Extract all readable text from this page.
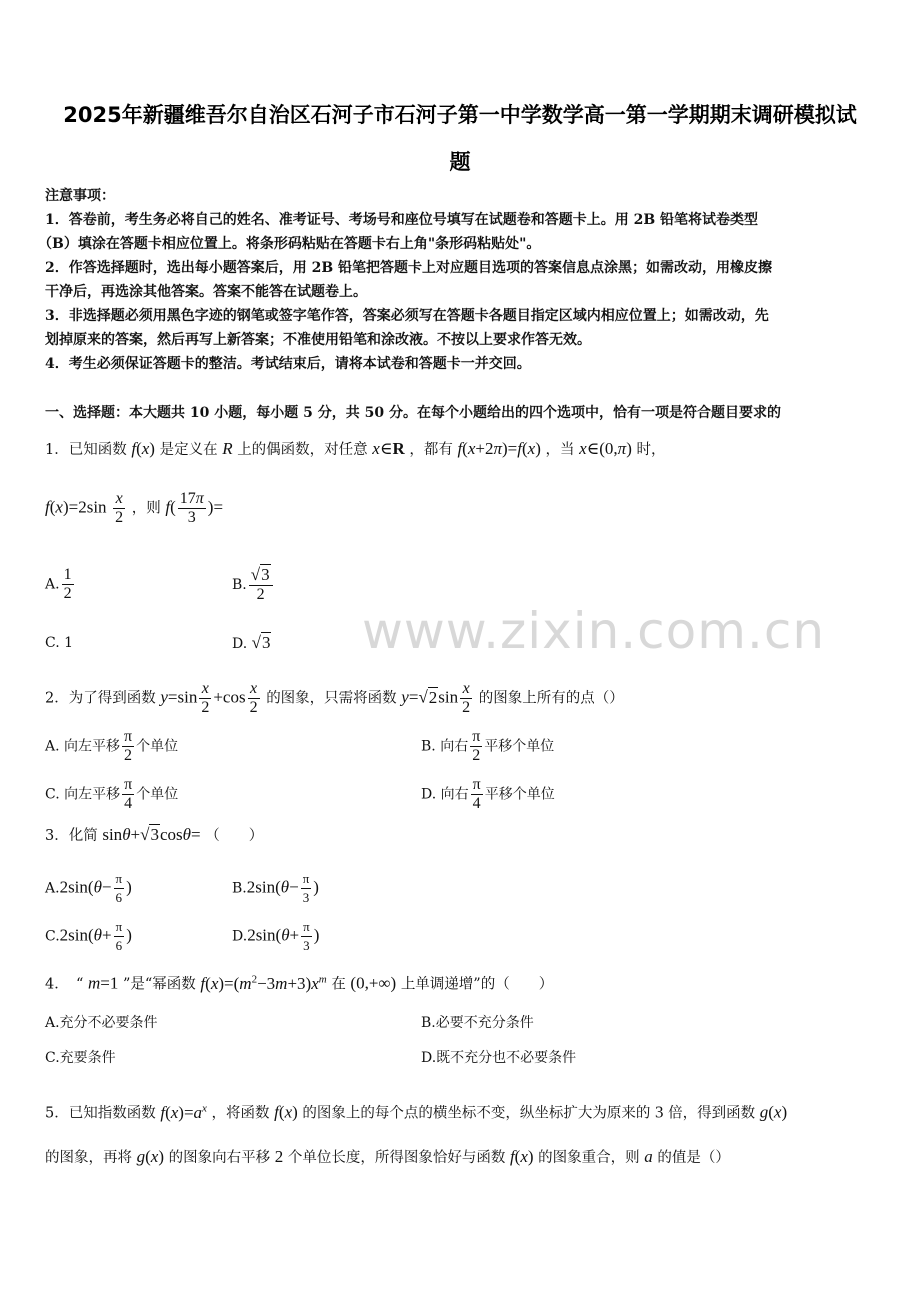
2025年新疆维吾尔自治区石河子市石河子第一中学数学高一第一学期期末调研模拟试
题
注意事项：
1．答卷前，考生务必将自己的姓名、准考证号、考场号和座位号填写在试题卷和答题卡上。用 2B 铅笔将试卷类型
（B）填涂在答题卡相应位置上。将条形码粘贴在答题卡右上角"条形码粘贴处"。
2．作答选择题时，选出每小题答案后，用 2B 铅笔把答题卡上对应题目选项的答案信息点涂黑；如需改动，用橡皮擦
干净后，再选涂其他答案。答案不能答在试题卷上。
3．非选择题必须用黑色字迹的钢笔或签字笔作答，答案必须写在答题卡各题目指定区域内相应位置上；如需改动，先
划掉原来的答案，然后再写上新答案；不准使用铅笔和涂改液。不按以上要求作答无效。
4．考生必须保证答题卡的整洁。考试结束后，请将本试卷和答题卡一并交回。
一、选择题：本大题共 10 小题，每小题 5 分，共 50 分。在每个小题给出的四个选项中，恰有一项是符合题目要求的
1．已知函数 f(x) 是定义在 R 上的偶函数，对任意 x∈R ，都有 f(x+2π)=f(x) ，当 x∈(0,π) 时，
$f(x)=2\sin \frac{x}{2}$ ，则 $f( \frac{17\pi}{3}$ )=
A. $\frac{1}{2}$	B. $\frac{√3}{2}$
C. 1	D. √3
2．为了得到函数 $y=\sin \frac{x}{2} +\cos \frac{x}{2}$ 的图象，只需将函数 $y=√2\sin \frac{x}{2}$ 的图象上所有的点（）
A. 向左平移 $\frac{\pi}{2}$ 个单位	B. 向右 $\frac{\pi}{2}$ 平移个单位
C. 向左平移 $\frac{\pi}{4}$ 个单位	D. 向右 $\frac{\pi}{4}$ 平移个单位
3．化简 sinθ+√3cosθ= （　　）
$A.2\sin(\theta- \frac{\pi}{6}$ )	$B.2\sin(\theta- \frac{\pi}{3}$ )
$C.2\sin(\theta+ \frac{\pi}{6}$ )	$D.2\sin(\theta+ \frac{\pi}{3}$ )
4．　“ m=1 ”是“幂函数 $f(x)=(m^2-3m+3)x^m$ 在 (0,+∞) 上单调递增”的（　　）
A.充分不必要条件	B.必要不充分条件
C.充要条件	D.既不充分也不必要条件
5．已知指数函数 $f(x)=a^x$ ，将函数 f(x) 的图象上的每个点的横坐标不变，纵坐标扩大为原来的 3 倍，得到函数 g(x)
的图象，再将 g(x) 的图象向右平移 2 个单位长度，所得图象恰好与函数 f(x) 的图象重合，则 a 的值是（）
www.zixin.com.cn
